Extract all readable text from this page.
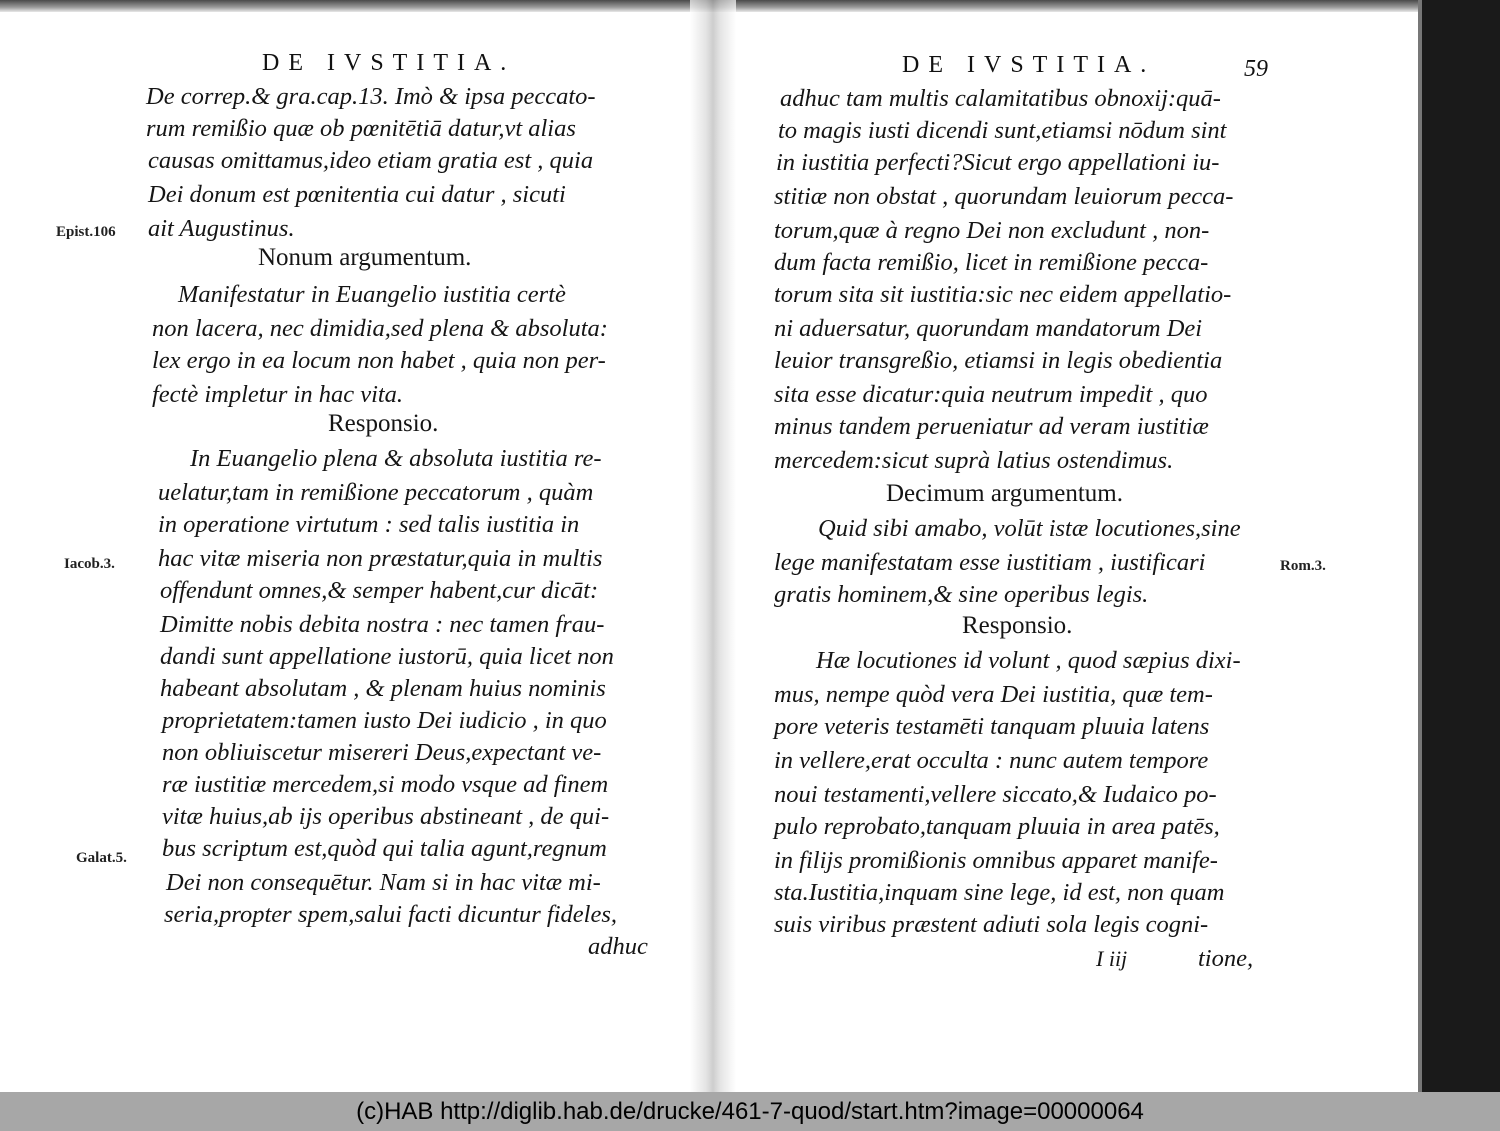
DE IVSTITIA.
De correp.& gra.cap.13. Imò & ipsa peccato-
rum remißio quæ ob pœnitētiā datur,vt alias
causas omittamus,ideo etiam gratia est , quia
Dei donum est pœnitentia cui datur , sicuti
ait Augustinus.
Epist.106
Nonum argumentum.
Manifestatur in Euangelio iustitia certè
non lacera, nec dimidia,sed plena & absoluta:
lex ergo in ea locum non habet , quia non per-
fectè impletur in hac vita.
Responsio.
In Euangelio plena & absoluta iustitia re-
uelatur,tam in remißione peccatorum , quàm
in operatione virtutum : sed talis iustitia in
hac vitæ miseria non præstatur,quia in multis
Iacob.3.
offendunt omnes,& semper habent,cur dicāt:
Dimitte nobis debita nostra : nec tamen frau-
dandi sunt appellatione iustorū, quia licet non
habeant absolutam , & plenam huius nominis
proprietatem:tamen iusto Dei iudicio , in quo
non obliuiscetur misereri Deus,expectant ve-
ræ iustitiæ mercedem,si modo vsque ad finem
vitæ huius,ab ijs operibus abstineant , de qui-
bus scriptum est,quòd qui talia agunt,regnum
Galat.5.
Dei non consequētur. Nam si in hac vitæ mi-
seria,propter spem,salui facti dicuntur fideles,
adhuc
DE IVSTITIA.	59
adhuc tam multis calamitatibus obnoxij:quā-
to magis iusti dicendi sunt,etiamsi nōdum sint
in iustitia perfecti?Sicut ergo appellationi iu-
stitiæ non obstat , quorundam leuiorum pecca-
torum,quæ à regno Dei non excludunt , non-
dum facta remißio, licet in remißione pecca-
torum sita sit iustitia:sic nec eidem appellatio-
ni aduersatur, quorundam mandatorum Dei
leuior transgreßio, etiamsi in legis obedientia
sita esse dicatur:quia neutrum impedit , quo
minus tandem perueniatur ad veram iustitiæ
mercedem:sicut suprà latius ostendimus.
Decimum argumentum.
Quid sibi amabo, volūt istæ locutiones,sine
lege manifestatam esse iustitiam , iustificari
gratis hominem,& sine operibus legis.
Responsio.
Hæ locutiones id volunt , quod sæpius dixi-
mus, nempe quòd vera Dei iustitia, quæ tem-
pore veteris testamēti tanquam pluuia latens
in vellere,erat occulta : nunc autem tempore
noui testamenti,vellere siccato,& Iudaico po-
pulo reprobato,tanquam pluuia in area patēs,
in filijs promißionis omnibus apparet manife-
sta.Iustitia,inquam sine lege, id est, non quam
suis viribus præstent adiuti sola legis cogni-
I iij	tione,
Rom.3.
(c)HAB http://diglib.hab.de/drucke/461-7-quod/start.htm?image=00000064
